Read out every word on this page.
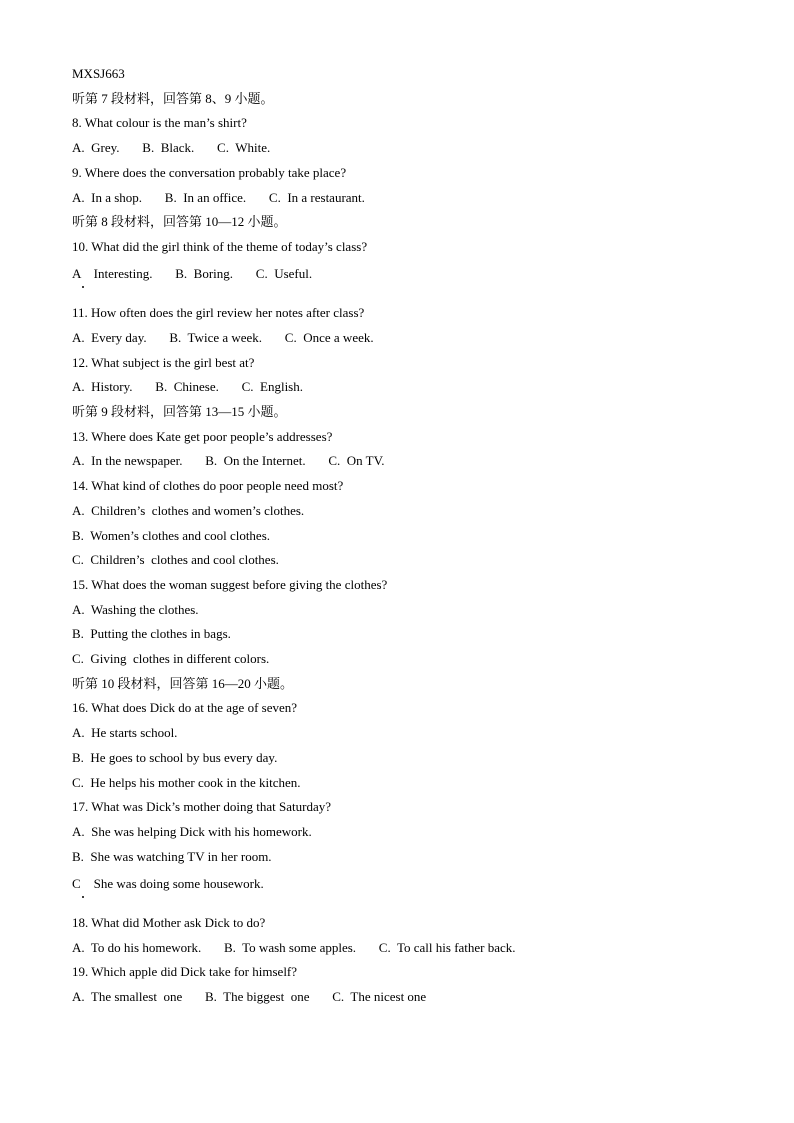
MXSJ663
听第 7 段材料，回答第 8、9 小题。
8. What colour is the man’s shirt?
A.  Grey.       B.  Black.       C.  White.
9. Where does the conversation probably take place?
A.  In a shop.       B.  In an office.       C.  In a restaurant.
听第 8 段材料，回答第 10—12 小题。
10. What did the girl think of the theme of today’s class?
A    Interesting.       B.  Boring.       C.  Useful.
11. How often does the girl review her notes after class?
A.  Every day.       B.  Twice a week.       C.  Once a week.
12. What subject is the girl best at?
A.  History.       B.  Chinese.       C.  English.
听第 9 段材料，回答第 13—15 小题。
13. Where does Kate get poor people’s addresses?
A.  In the newspaper.       B.  On the Internet.       C.  On TV.
14. What kind of clothes do poor people need most?
A.  Children’s  clothes and women’s clothes.
B.  Women’s clothes and cool clothes.
C.  Children’s  clothes and cool clothes.
15. What does the woman suggest before giving the clothes?
A.  Washing the clothes.
B.  Putting the clothes in bags.
C.  Giving  clothes in different colors.
听第 10 段材料，回答第 16—20 小题。
16. What does Dick do at the age of seven?
A.  He starts school.
B.  He goes to school by bus every day.
C.  He helps his mother cook in the kitchen.
17. What was Dick’s mother doing that Saturday?
A.  She was helping Dick with his homework.
B.  She was watching TV in her room.
C    She was doing some housework.
18. What did Mother ask Dick to do?
A.  To do his homework.       B.  To wash some apples.       C.  To call his father back.
19. Which apple did Dick take for himself?
A.  The smallest  one       B.  The biggest  one       C.  The nicest one
